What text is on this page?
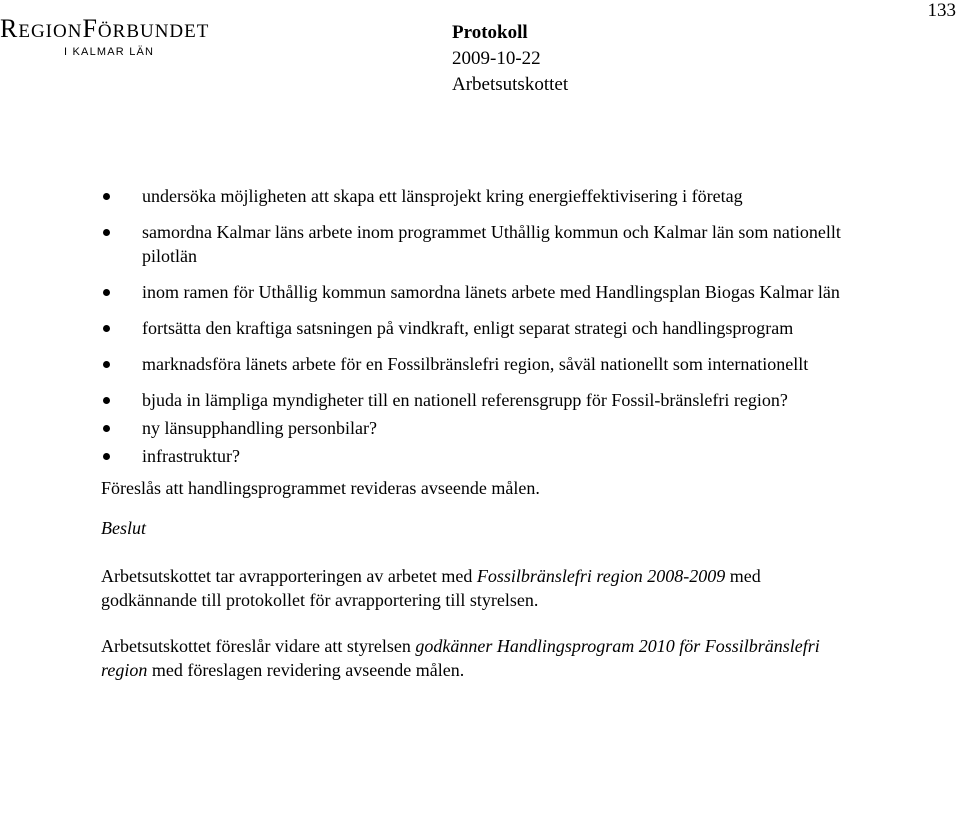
REGIONFÖRBUNDET
I KALMAR LÄN
Protokoll
2009-10-22
Arbetsutskottet
133
undersöka möjligheten att skapa ett länsprojekt kring energieffektivisering i företag
samordna Kalmar läns arbete inom programmet Uthållig kommun och Kalmar län som nationellt pilotlän
inom ramen för Uthållig kommun samordna länets arbete med Handlingsplan Biogas Kalmar län
fortsätta den kraftiga satsningen på vindkraft, enligt separat strategi och handlingsprogram
marknadsföra länets arbete för en Fossilbränslefri region, såväl nationellt som internationellt
bjuda in lämpliga myndigheter till en nationell referensgrupp för Fossil-bränslefri region?
ny länsupphandling personbilar?
infrastruktur?

Föreslås att handlingsprogrammet revideras avseende målen.

Beslut

Arbetsutskottet tar avrapporteringen av arbetet med Fossilbränslefri region 2008-2009 med godkännande till protokollet för avrapportering till styrelsen.

Arbetsutskottet föreslår vidare att styrelsen godkänner Handlingsprogram 2010 för Fossilbränslefri region med föreslagen revidering avseende målen.
